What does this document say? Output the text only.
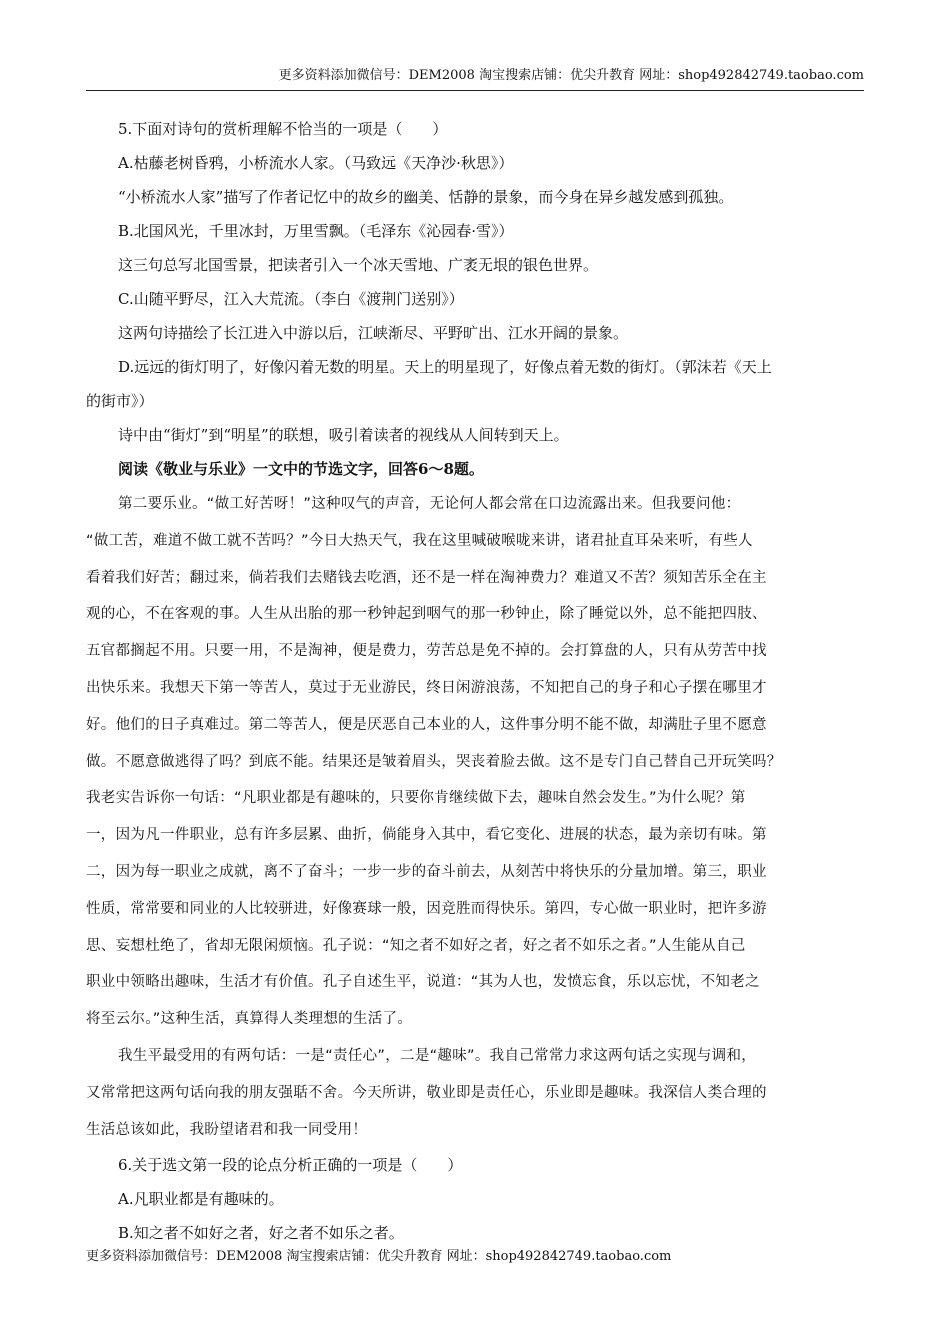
更多资料添加微信号：DEM2008 淘宝搜索店铺：优尖升教育 网址：shop492842749.taobao.com
5.下面对诗句的赏析理解不恰当的一项是（　　）
A.枯藤老树昏鸦，小桥流水人家。（马致远《天净沙·秋思》）
“小桥流水人家”描写了作者记忆中的故乡的幽美、恬静的景象，而今身在异乡越发感到孤独。
B.北国风光，千里冰封，万里雪飘。（毛泽东《沁园春·雪》）
这三句总写北国雪景，把读者引入一个冰天雪地、广袤无垠的银色世界。
C.山随平野尽，江入大荒流。（李白《渡荆门送别》）
这两句诗描绘了长江进入中游以后，江峡渐尽、平野旷出、江水开阔的景象。
D.远远的街灯明了，好像闪着无数的明星。天上的明星现了，好像点着无数的街灯。（郭沫若《天上
的街市》）
诗中由“街灯”到“明星”的联想，吸引着读者的视线从人间转到天上。
阅读《敬业与乐业》一文中的节选文字，回答6～8题。
第二要乐业。“做工好苦呀！”这种叹气的声音，无论何人都会常在口边流露出来。但我要问他：
“做工苦，难道不做工就不苦吗？”今日大热天气，我在这里喊破喉咙来讲，诸君扯直耳朵来听，有些人
看着我们好苦；翻过来，倘若我们去赌钱去吃酒，还不是一样在淘神费力？难道又不苦？须知苦乐全在主
观的心，不在客观的事。人生从出胎的那一秒钟起到咽气的那一秒钟止，除了睡觉以外，总不能把四肢、
五官都搁起不用。只要一用，不是淘神，便是费力，劳苦总是免不掉的。会打算盘的人，只有从劳苦中找
出快乐来。我想天下第一等苦人，莫过于无业游民，终日闲游浪荡，不知把自己的身子和心子摆在哪里才
好。他们的日子真难过。第二等苦人，便是厌恶自己本业的人，这件事分明不能不做，却满肚子里不愿意
做。不愿意做逃得了吗？到底不能。结果还是皱着眉头，哭丧着脸去做。这不是专门自己替自己开玩笑吗？
我老实告诉你一句话：“凡职业都是有趣味的，只要你肯继续做下去，趣味自然会发生。”为什么呢？第
一，因为凡一件职业，总有许多层累、曲折，倘能身入其中，看它变化、进展的状态，最为亲切有味。第
二，因为每一职业之成就，离不了奋斗；一步一步的奋斗前去，从刻苦中将快乐的分量加增。第三，职业
性质，常常要和同业的人比较骈进，好像赛球一般，因竞胜而得快乐。第四，专心做一职业时，把许多游
思、妄想杜绝了，省却无限闲烦恼。孔子说：“知之者不如好之者，好之者不如乐之者。”人生能从自己
职业中领略出趣味，生活才有价值。孔子自述生平，说道：“其为人也，发愤忘食，乐以忘忧，不知老之
将至云尔。”这种生活，真算得人类理想的生活了。
我生平最受用的有两句话：一是“责任心”，二是“趣味”。我自己常常力求这两句话之实现与调和，
又常常把这两句话向我的朋友强聒不舍。今天所讲，敬业即是责任心，乐业即是趣味。我深信人类合理的
生活总该如此，我盼望诸君和我一同受用！
6.关于选文第一段的论点分析正确的一项是（　　）
A.凡职业都是有趣味的。
B.知之者不如好之者，好之者不如乐之者。
更多资料添加微信号：DEM2008 淘宝搜索店铺：优尖升教育 网址：shop492842749.taobao.com
